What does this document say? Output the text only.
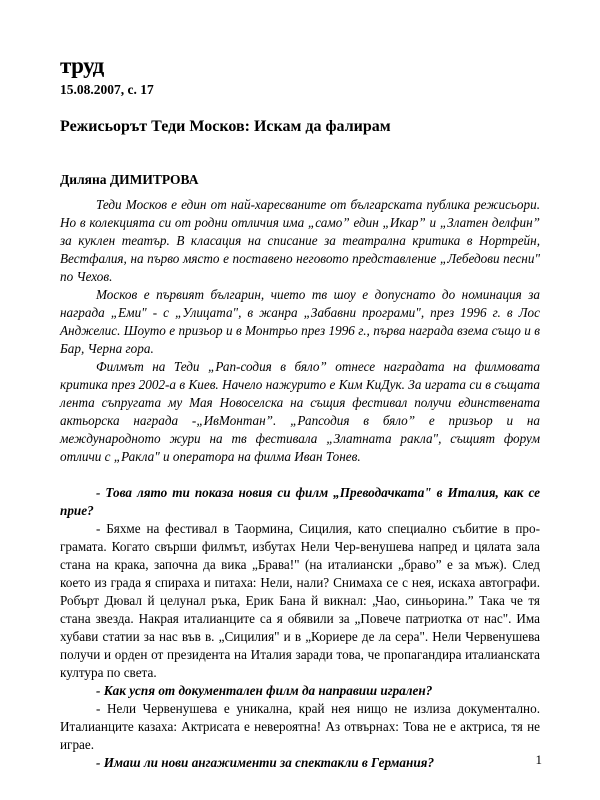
труд
15.08.2007, с. 17
Режисьорът Теди Москов: Искам да фалирам
Диляна ДИМИТРОВА

Теди Москов е един от най-харесваните от българската публика режисьори. Но в колекцията си от родни отличия има „само” един „Икар” и „Златен делфин” за куклен театър. В класация на списание за театрална критика в Нортрейн, Вестфалия, на първо място е поставено неговото представление „Лебедови песни" по Чехов.

Москов е първият българин, чието тв шоу е допуснато до номинация за награда „Еми" - с „Улицата", в жанра „Забавни програми", през 1996 г. в Лос Анджелис. Шоуто е призьор и в Монтрьо през 1996 г., първа награда взема също и в Бар, Черна гора.

Филмът на Теди „Рап-содия в бяло” отнесе наградата на филмовата критика през 2002-а в Киев. Начело нажурито е Ким КиДук. За играта си в същата лента съпругата му Мая Новоселска на същия фестивал получи единствената актьорска награда -„ИвМонтан”. „Рапсодия в бяло” е призьор и на международното жури на тв фестивала „Златната ракла", същият форум отличи с „Ракла" и оператора на филма Иван Тонев.

- Това лято ти показа новия си филм „Преводачката" в Италия, как се прие?

- Бяхме на фестивал в Таормина, Сицилия, като специално събитие в про-грамата. Когато свърши филмът, избутах Нели Чер-венушева напред и цялата зала стана на крака, започна да вика „Брава!" (на италиански „браво” е за мъж). След което из града я спираха и питаха: Нели, нали? Снимаха се с нея, искаха автографи. Робърт Дювал й целунал ръка, Ерик Бана й викнал: „Чао, синьорина.” Така че тя стана звезда. Накрая италианците са я обявили за „Повече патриотка от нас". Има хубави статии за нас във в. „Сицилия" и в „Кориере де ла сера". Нели Червенушева получи и орден от президента на Италия заради това, че пропагандира италианската култура по света.

- Как успя от документален филм да направиш игрален?

- Нели Червенушева е уникална, край нея нищо не излиза документално. Италианците казаха: Актрисата е невероятна! Аз отвърнах: Това не е актриса, тя не играе.

- Имаш ли нови ангажименти за спектакли в Германия?	1
